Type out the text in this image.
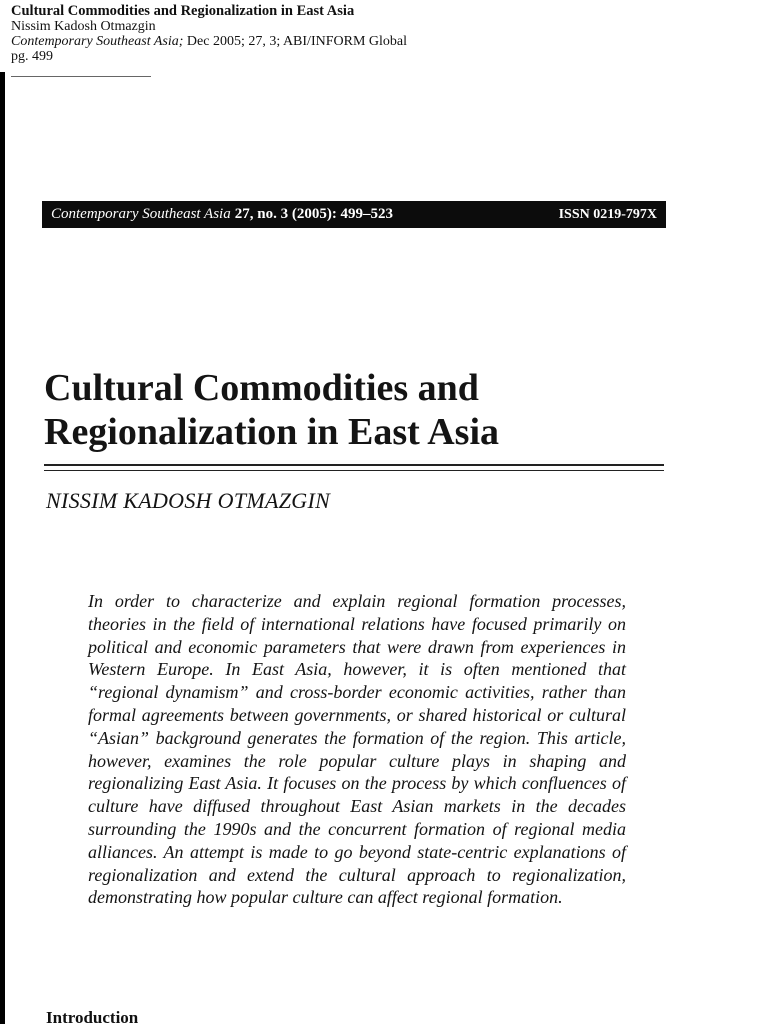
Cultural Commodities and Regionalization in East Asia
Nissim Kadosh Otmazgin
Contemporary Southeast Asia; Dec 2005; 27, 3; ABI/INFORM Global
pg. 499
Contemporary Southeast Asia 27, no. 3 (2005): 499–523	ISSN 0219-797X
Cultural Commodities and
Regionalization in East Asia
NISSIM KADOSH OTMAZGIN

In order to characterize and explain regional formation processes, theories in the field of international relations have focused primarily on political and economic parameters that were drawn from experiences in Western Europe. In East Asia, however, it is often mentioned that “regional dynamism” and cross-border economic activities, rather than formal agreements between governments, or shared historical or cultural “Asian” background generates the formation of the region. This article, however, examines the role popular culture plays in shaping and regionalizing East Asia. It focuses on the process by which confluences of culture have diffused throughout East Asian markets in the decades surrounding the 1990s and the concurrent formation of regional media alliances. An attempt is made to go beyond state-centric explanations of regionalization and extend the cultural approach to regionalization, demonstrating how popular culture can affect regional formation.

Introduction
